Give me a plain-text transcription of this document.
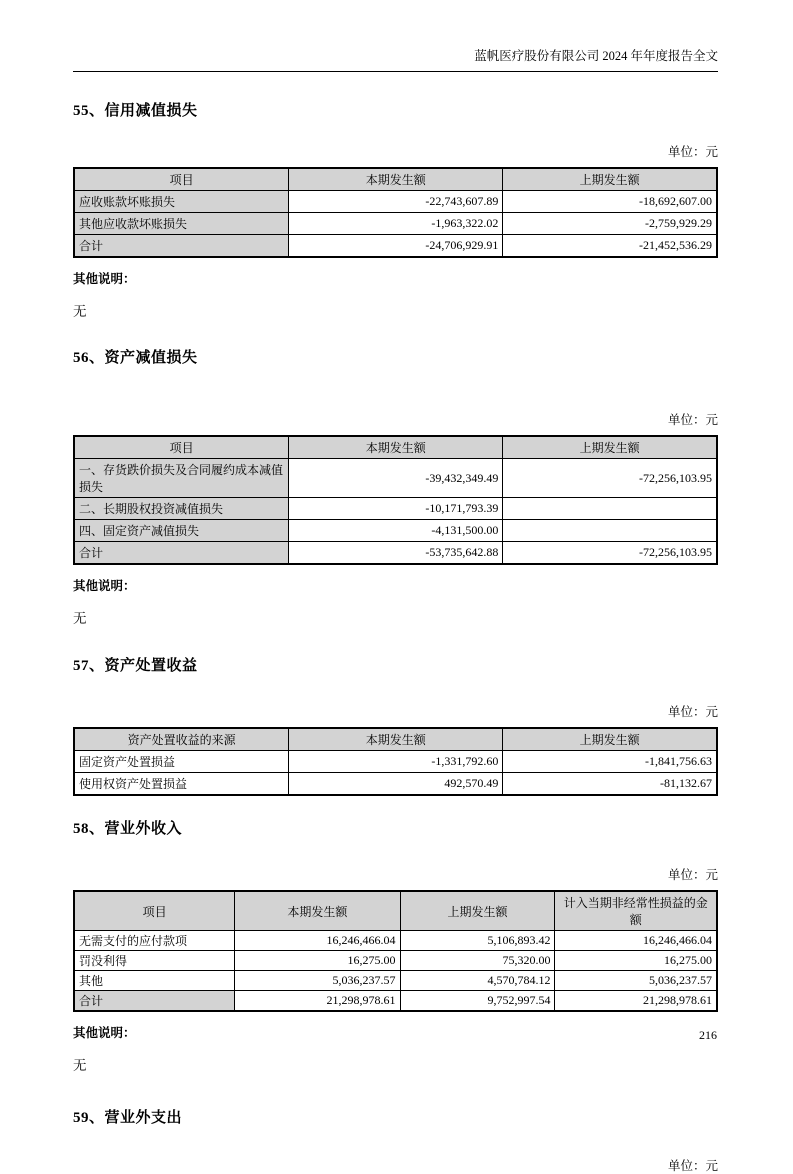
蓝帆医疗股份有限公司 2024 年年度报告全文
55、信用减值损失
单位：元
项目	本期发生额	上期发生额
应收账款坏账损失	-22,743,607.89	-18,692,607.00
其他应收款坏账损失	-1,963,322.02	-2,759,929.29
合计	-24,706,929.91	-21,452,536.29
其他说明：
无
56、资产减值损失
单位：元
项目	本期发生额	上期发生额
一、存货跌价损失及合同履约成本减值损失	-39,432,349.49	-72,256,103.95
二、长期股权投资减值损失	-10,171,793.39	
四、固定资产减值损失	-4,131,500.00	
合计	-53,735,642.88	-72,256,103.95
其他说明：
无
57、资产处置收益
单位：元
资产处置收益的来源	本期发生额	上期发生额
固定资产处置损益	-1,331,792.60	-1,841,756.63
使用权资产处置损益	492,570.49	-81,132.67
58、营业外收入
单位：元
项目	本期发生额	上期发生额	计入当期非经常性损益的金额
无需支付的应付款项	16,246,466.04	5,106,893.42	16,246,466.04
罚没利得	16,275.00	75,320.00	16,275.00
其他	5,036,237.57	4,570,784.12	5,036,237.57
合计	21,298,978.61	9,752,997.54	21,298,978.61
其他说明：
无
59、营业外支出
单位：元
216
